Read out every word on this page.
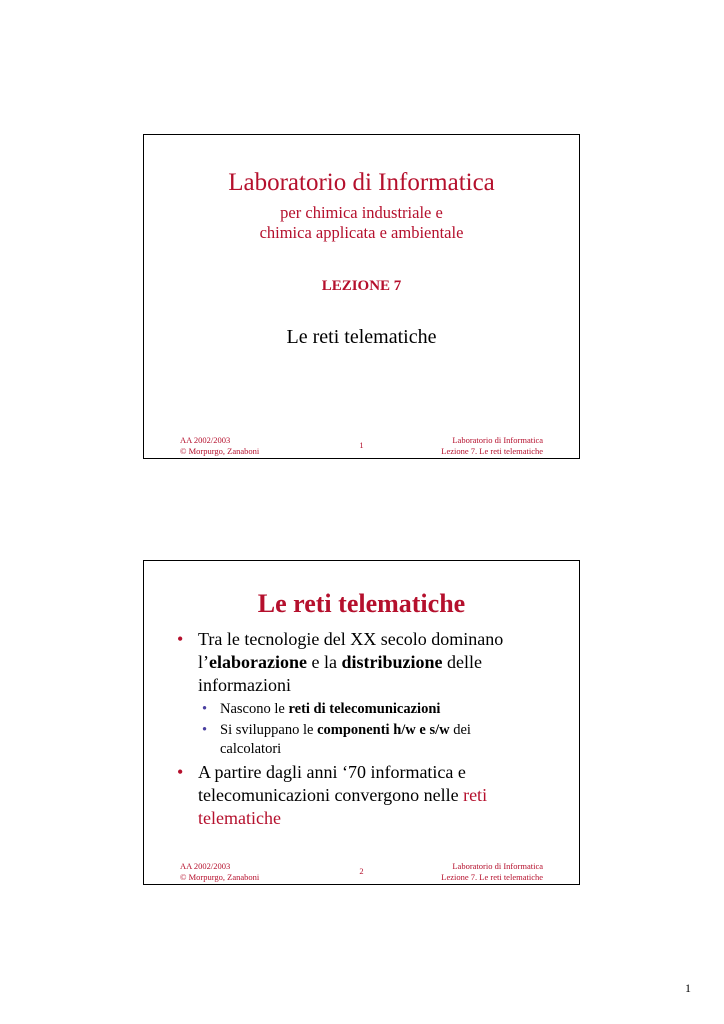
Laboratorio di Informatica
per chimica industriale e
chimica applicata e ambientale
LEZIONE 7
Le reti telematiche
AA 2002/2003
© Morpurgo, Zanaboni
1	Laboratorio di Informatica
Lezione 7. Le reti telematiche
Le reti telematiche
• Tra le tecnologie del XX secolo dominano
l’elaborazione e la distribuzione delle
informazioni
• Nascono le reti di telecomunicazioni
• Si sviluppano le componenti h/w e s/w dei
calcolatori
• A partire dagli anni ‘70 informatica e
telecomunicazioni convergono nelle reti
telematiche
AA 2002/2003
© Morpurgo, Zanaboni
2	Laboratorio di Informatica
Lezione 7. Le reti telematiche
1
